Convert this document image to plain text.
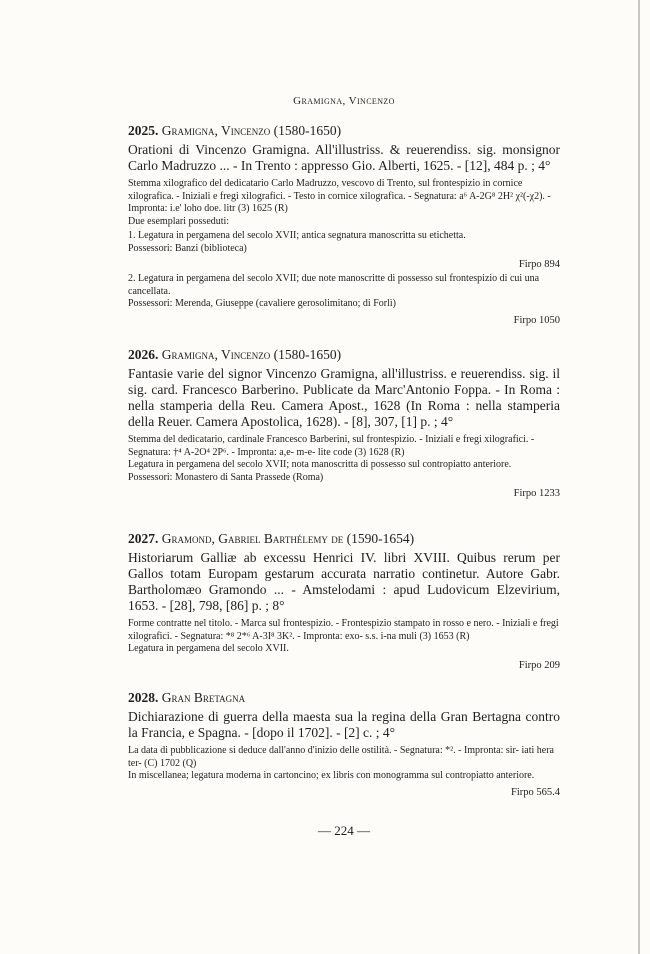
Gramigna, Vincenzo
2025. Gramigna, Vincenzo (1580-1650)
Orationi di Vincenzo Gramigna. All'illustriss. & reuerendiss. sig. monsignor Carlo Madruzzo ... - In Trento : appresso Gio. Alberti, 1625. - [12], 484 p. ; 4°

Stemma xilografico del dedicatario Carlo Madruzzo, vescovo di Trento, sul frontespizio in cornice xilografica. - Iniziali e fregi xilografici. - Testo in cornice xilografica. - Segnatura: a⁶ A-2G⁸ 2H² χ²(-χ2). - Impronta: i.e' loho doe. litr (3) 1625 (R)

Due esemplari posseduti:

1. Legatura in pergamena del secolo XVII; antica segnatura manoscritta su etichetta.

Possessori: Banzi (biblioteca)

Firpo 894

2. Legatura in pergamena del secolo XVII; due note manoscritte di possesso sul frontespizio di cui una cancellata.

Possessori: Merenda, Giuseppe (cavaliere gerosolimitano; di Forlì)

Firpo 1050
2026. Gramigna, Vincenzo (1580-1650)
Fantasie varie del signor Vincenzo Gramigna, all'illustriss. e reuerendiss. sig. il sig. card. Francesco Barberino. Publicate da Marc'Antonio Foppa. - In Roma : nella stamperia della Reu. Camera Apost., 1628 (In Roma : nella stamperia della Reuer. Camera Apostolica, 1628). - [8], 307, [1] p. ; 4°

Stemma del dedicatario, cardinale Francesco Barberini, sul frontespizio. - Iniziali e fregi xilografici. - Segnatura: †⁴ A-2O⁴ 2P⁶. - Impronta: a,e- m-e- lite code (3) 1628 (R)

Legatura in pergamena del secolo XVII; nota manoscritta di possesso sul contropiatto anteriore.

Possessori: Monastero di Santa Prassede (Roma)

Firpo 1233
2027. Gramond, Gabriel Barthélemy de (1590-1654)
Historiarum Galliæ ab excessu Henrici IV. libri XVIII. Quibus rerum per Gallos totam Europam gestarum accurata narratio continetur. Autore Gabr. Bartholomæo Gramondo ... - Amstelodami : apud Ludovicum Elzevirium, 1653. - [28], 798, [86] p. ; 8°

Forme contratte nel titolo. - Marca sul frontespizio. - Frontespizio stampato in rosso e nero. - Iniziali e fregi xilografici. - Segnatura: *⁸ 2*⁶ A-3I⁸ 3K². - Impronta: exo- s.s. i-na muli (3) 1653 (R)

Legatura in pergamena del secolo XVII.

Firpo 209
2028. Gran Bretagna
Dichiarazione di guerra della maesta sua la regina della Gran Bertagna contro la Francia, e Spagna. - [dopo il 1702]. - [2] c. ; 4°

La data di pubblicazione si deduce dall'anno d'inizio delle ostilità. - Segnatura: *². - Impronta: sir- iati hera ter- (C) 1702 (Q)

In miscellanea; legatura moderna in cartoncino; ex libris con monogramma sul contropiatto anteriore.

Firpo 565.4
— 224 —
